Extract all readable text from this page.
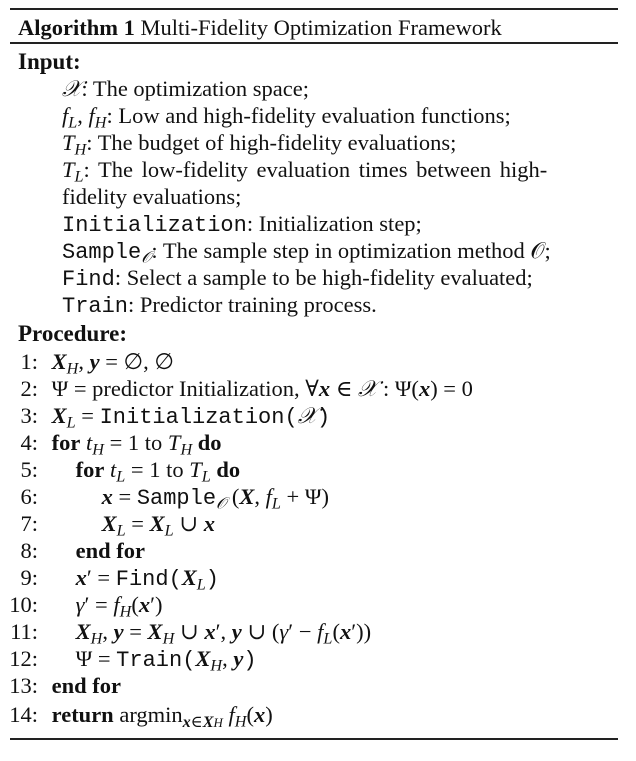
Algorithm 1 Multi-Fidelity Optimization Framework
Input:
𝒳: The optimization space;
$f_L$, $f_H$: Low and high-fidelity evaluation functions;
$T_H$: The budget of high-fidelity evaluations;
$T_L$: The low-fidelity evaluation times between high-
fidelity evaluations;
Initialization: Initialization step;
Sample$_𝒪$: The sample step in optimization method 𝒪;
Find: Select a sample to be high-fidelity evaluated;
Train: Predictor training process.
Procedure:
1: $X_H$, y = ∅, ∅
2: Ψ = predictor Initialization, ∀x ∈ 𝒳 : Ψ(x) = 0
3: $X_L$ = Initialization(𝒳)
4: for $t_H = 1$ to $T_H$ do
5: for $t_L = 1$ to $T_L$ do
6:	x = Sample$_𝒪$ (X, $f_L + \Psi$)
7:	$X_L = X_L$ ∪ x
8: end for
9: $x' = Find(X_L)$
10: $\gamma' = f_H(x')$
11: $X_H$, $y = X_H$ ∪ x′, y ∪ $(\gamma' - f_L(x'))$
12: $\Psi = Train(X_H$, y)
13: end for
14: return argmin$_{x\in XH}$ $f_H(x)$
